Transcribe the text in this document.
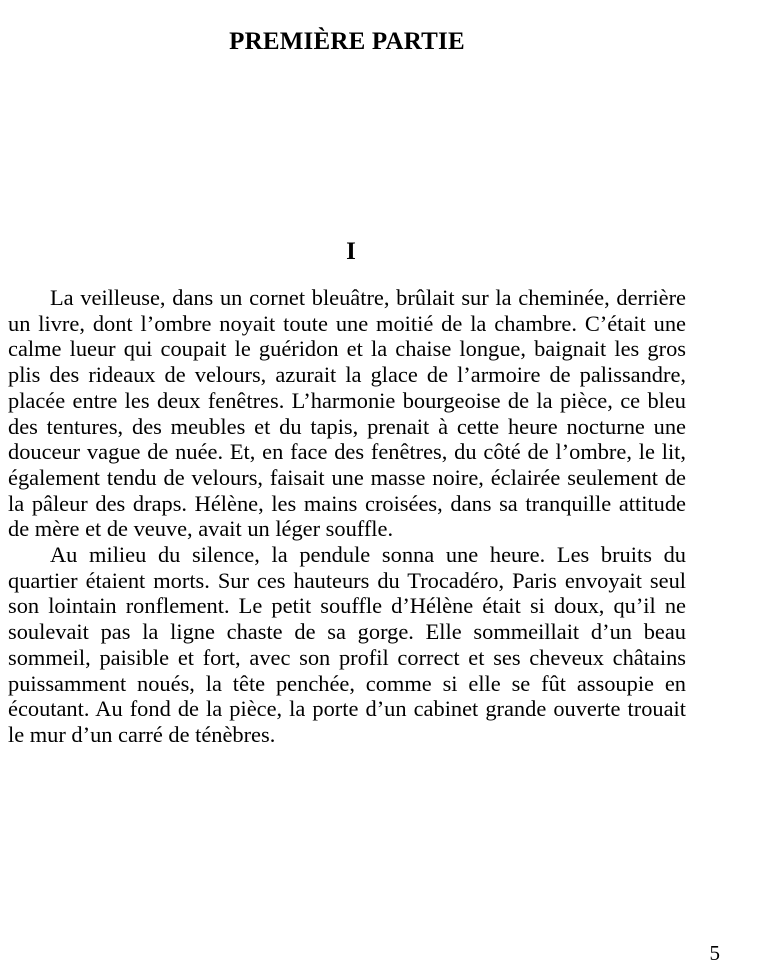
PREMIÈRE PARTIE
I

La veilleuse, dans un cornet bleuâtre, brûlait sur la cheminée, derrière un livre, dont l’ombre noyait toute une moitié de la chambre. C’était une calme lueur qui coupait le guéridon et la chaise longue, baignait les gros plis des rideaux de velours, azurait la glace de l’armoire de palissandre, placée entre les deux fenêtres. L’harmonie bourgeoise de la pièce, ce bleu des tentures, des meubles et du tapis, prenait à cette heure nocturne une douceur vague de nuée. Et, en face des fenêtres, du côté de l’ombre, le lit, également tendu de velours, faisait une masse noire, éclairée seulement de la pâleur des draps. Hélène, les mains croisées, dans sa tranquille attitude de mère et de veuve, avait un léger souffle.

Au milieu du silence, la pendule sonna une heure. Les bruits du quartier étaient morts. Sur ces hauteurs du Trocadéro, Paris envoyait seul son lointain ronflement. Le petit souffle d’Hélène était si doux, qu’il ne soulevait pas la ligne chaste de sa gorge. Elle sommeillait d’un beau sommeil, paisible et fort, avec son profil correct et ses cheveux châtains puissamment noués, la tête penchée, comme si elle se fût assoupie en écoutant. Au fond de la pièce, la porte d’un cabinet grande ouverte trouait le mur d’un carré de ténèbres.

5
